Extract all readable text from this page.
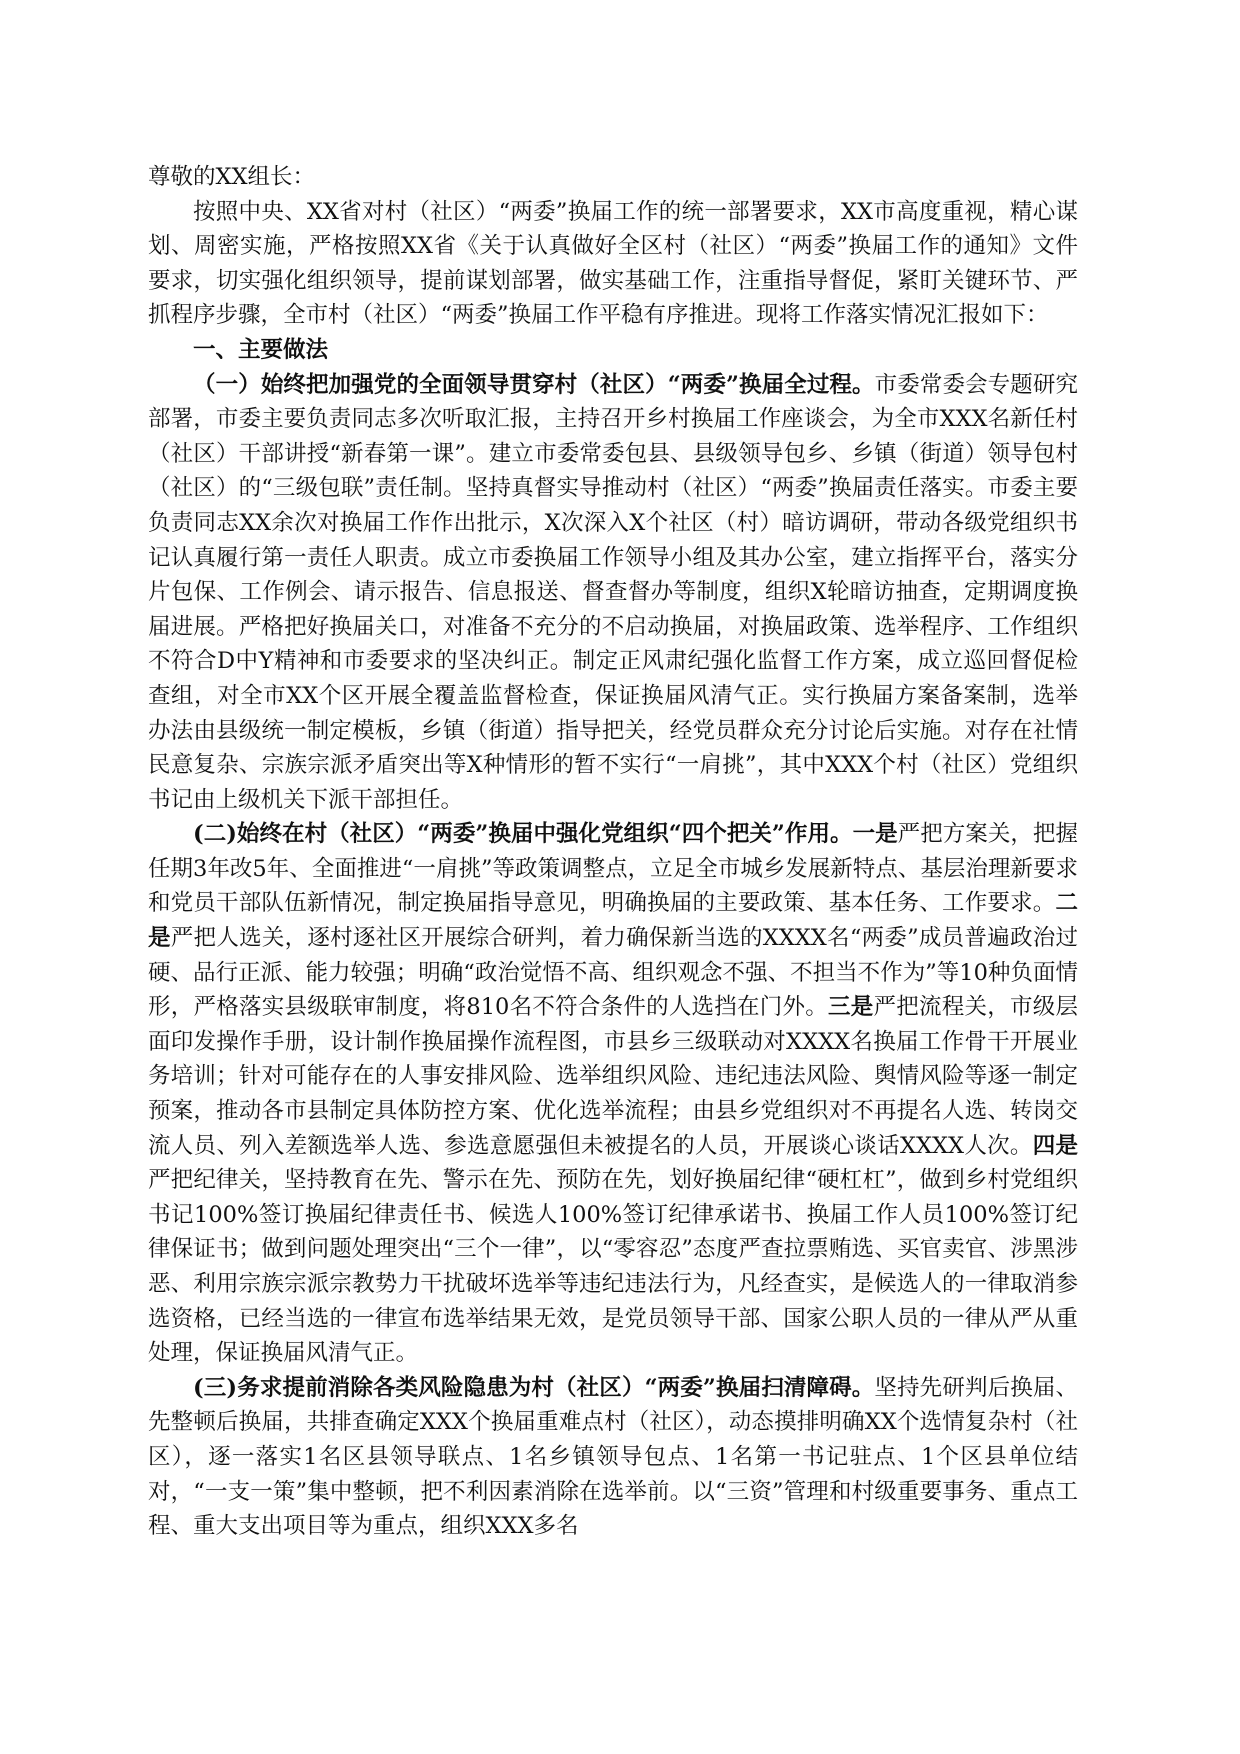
尊敬的XX组长：

按照中央、XX省对村（社区）“两委”换届工作的统一部署要求，XX市高度重视，精心谋划、周密实施，严格按照XX省《关于认真做好全区村（社区）“两委”换届工作的通知》文件要求，切实强化组织领导，提前谋划部署，做实基础工作，注重指导督促，紧盯关键环节、严抓程序步骤，全市村（社区）“两委”换届工作平稳有序推进。现将工作落实情况汇报如下：

一、主要做法

（一）始终把加强党的全面领导贯穿村（社区）“两委”换届全过程。市委常委会专题研究部署，市委主要负责同志多次听取汇报，主持召开乡村换届工作座谈会，为全市XXX名新任村（社区）干部讲授“新春第一课”。建立市委常委包县、县级领导包乡、乡镇（街道）领导包村（社区）的“三级包联”责任制。坚持真督实导推动村（社区）“两委”换届责任落实。市委主要负责同志XX余次对换届工作作出批示，X次深入X个社区（村）暗访调研，带动各级党组织书记认真履行第一责任人职责。成立市委换届工作领导小组及其办公室，建立指挥平台，落实分片包保、工作例会、请示报告、信息报送、督查督办等制度，组织X轮暗访抽查，定期调度换届进展。严格把好换届关口，对准备不充分的不启动换届，对换届政策、选举程序、工作组织不符合D中Y精神和市委要求的坚决纠正。制定正风肃纪强化监督工作方案，成立巡回督促检查组，对全市XX个区开展全覆盖监督检查，保证换届风清气正。实行换届方案备案制，选举办法由县级统一制定模板，乡镇（街道）指导把关，经党员群众充分讨论后实施。对存在社情民意复杂、宗族宗派矛盾突出等X种情形的暂不实行“一肩挑”，其中XXX个村（社区）党组织书记由上级机关下派干部担任。

(二)始终在村（社区）“两委”换届中强化党组织“四个把关”作用。一是严把方案关，把握任期3年改5年、全面推进“一肩挑”等政策调整点，立足全市城乡发展新特点、基层治理新要求和党员干部队伍新情况，制定换届指导意见，明确换届的主要政策、基本任务、工作要求。二是严把人选关，逐村逐社区开展综合研判，着力确保新当选的XXXX名“两委”成员普遍政治过硬、品行正派、能力较强；明确“政治觉悟不高、组织观念不强、不担当不作为”等10种负面情形，严格落实县级联审制度，将810名不符合条件的人选挡在门外。三是严把流程关，市级层面印发操作手册，设计制作换届操作流程图，市县乡三级联动对XXXX名换届工作骨干开展业务培训；针对可能存在的人事安排风险、选举组织风险、违纪违法风险、舆情风险等逐一制定预案，推动各市县制定具体防控方案、优化选举流程；由县乡党组织对不再提名人选、转岗交流人员、列入差额选举人选、参选意愿强但未被提名的人员，开展谈心谈话XXXX人次。四是严把纪律关，坚持教育在先、警示在先、预防在先，划好换届纪律“硬杠杠”，做到乡村党组织书记100%签订换届纪律责任书、候选人100%签订纪律承诺书、换届工作人员100%签订纪律保证书；做到问题处理突出“三个一律”，以“零容忍”态度严查拉票贿选、买官卖官、涉黑涉恶、利用宗族宗派宗教势力干扰破坏选举等违纪违法行为，凡经查实，是候选人的一律取消参选资格，已经当选的一律宣布选举结果无效，是党员领导干部、国家公职人员的一律从严从重处理，保证换届风清气正。

(三)务求提前消除各类风险隐患为村（社区）“两委”换届扫清障碍。坚持先研判后换届、先整顿后换届，共排查确定XXX个换届重难点村（社区），动态摸排明确XX个选情复杂村（社区），逐一落实1名区县领导联点、1名乡镇领导包点、1名第一书记驻点、1个区县单位结对，“一支一策”集中整顿，把不利因素消除在选举前。以“三资”管理和村级重要事务、重点工程、重大支出项目等为重点，组织XXX多名
